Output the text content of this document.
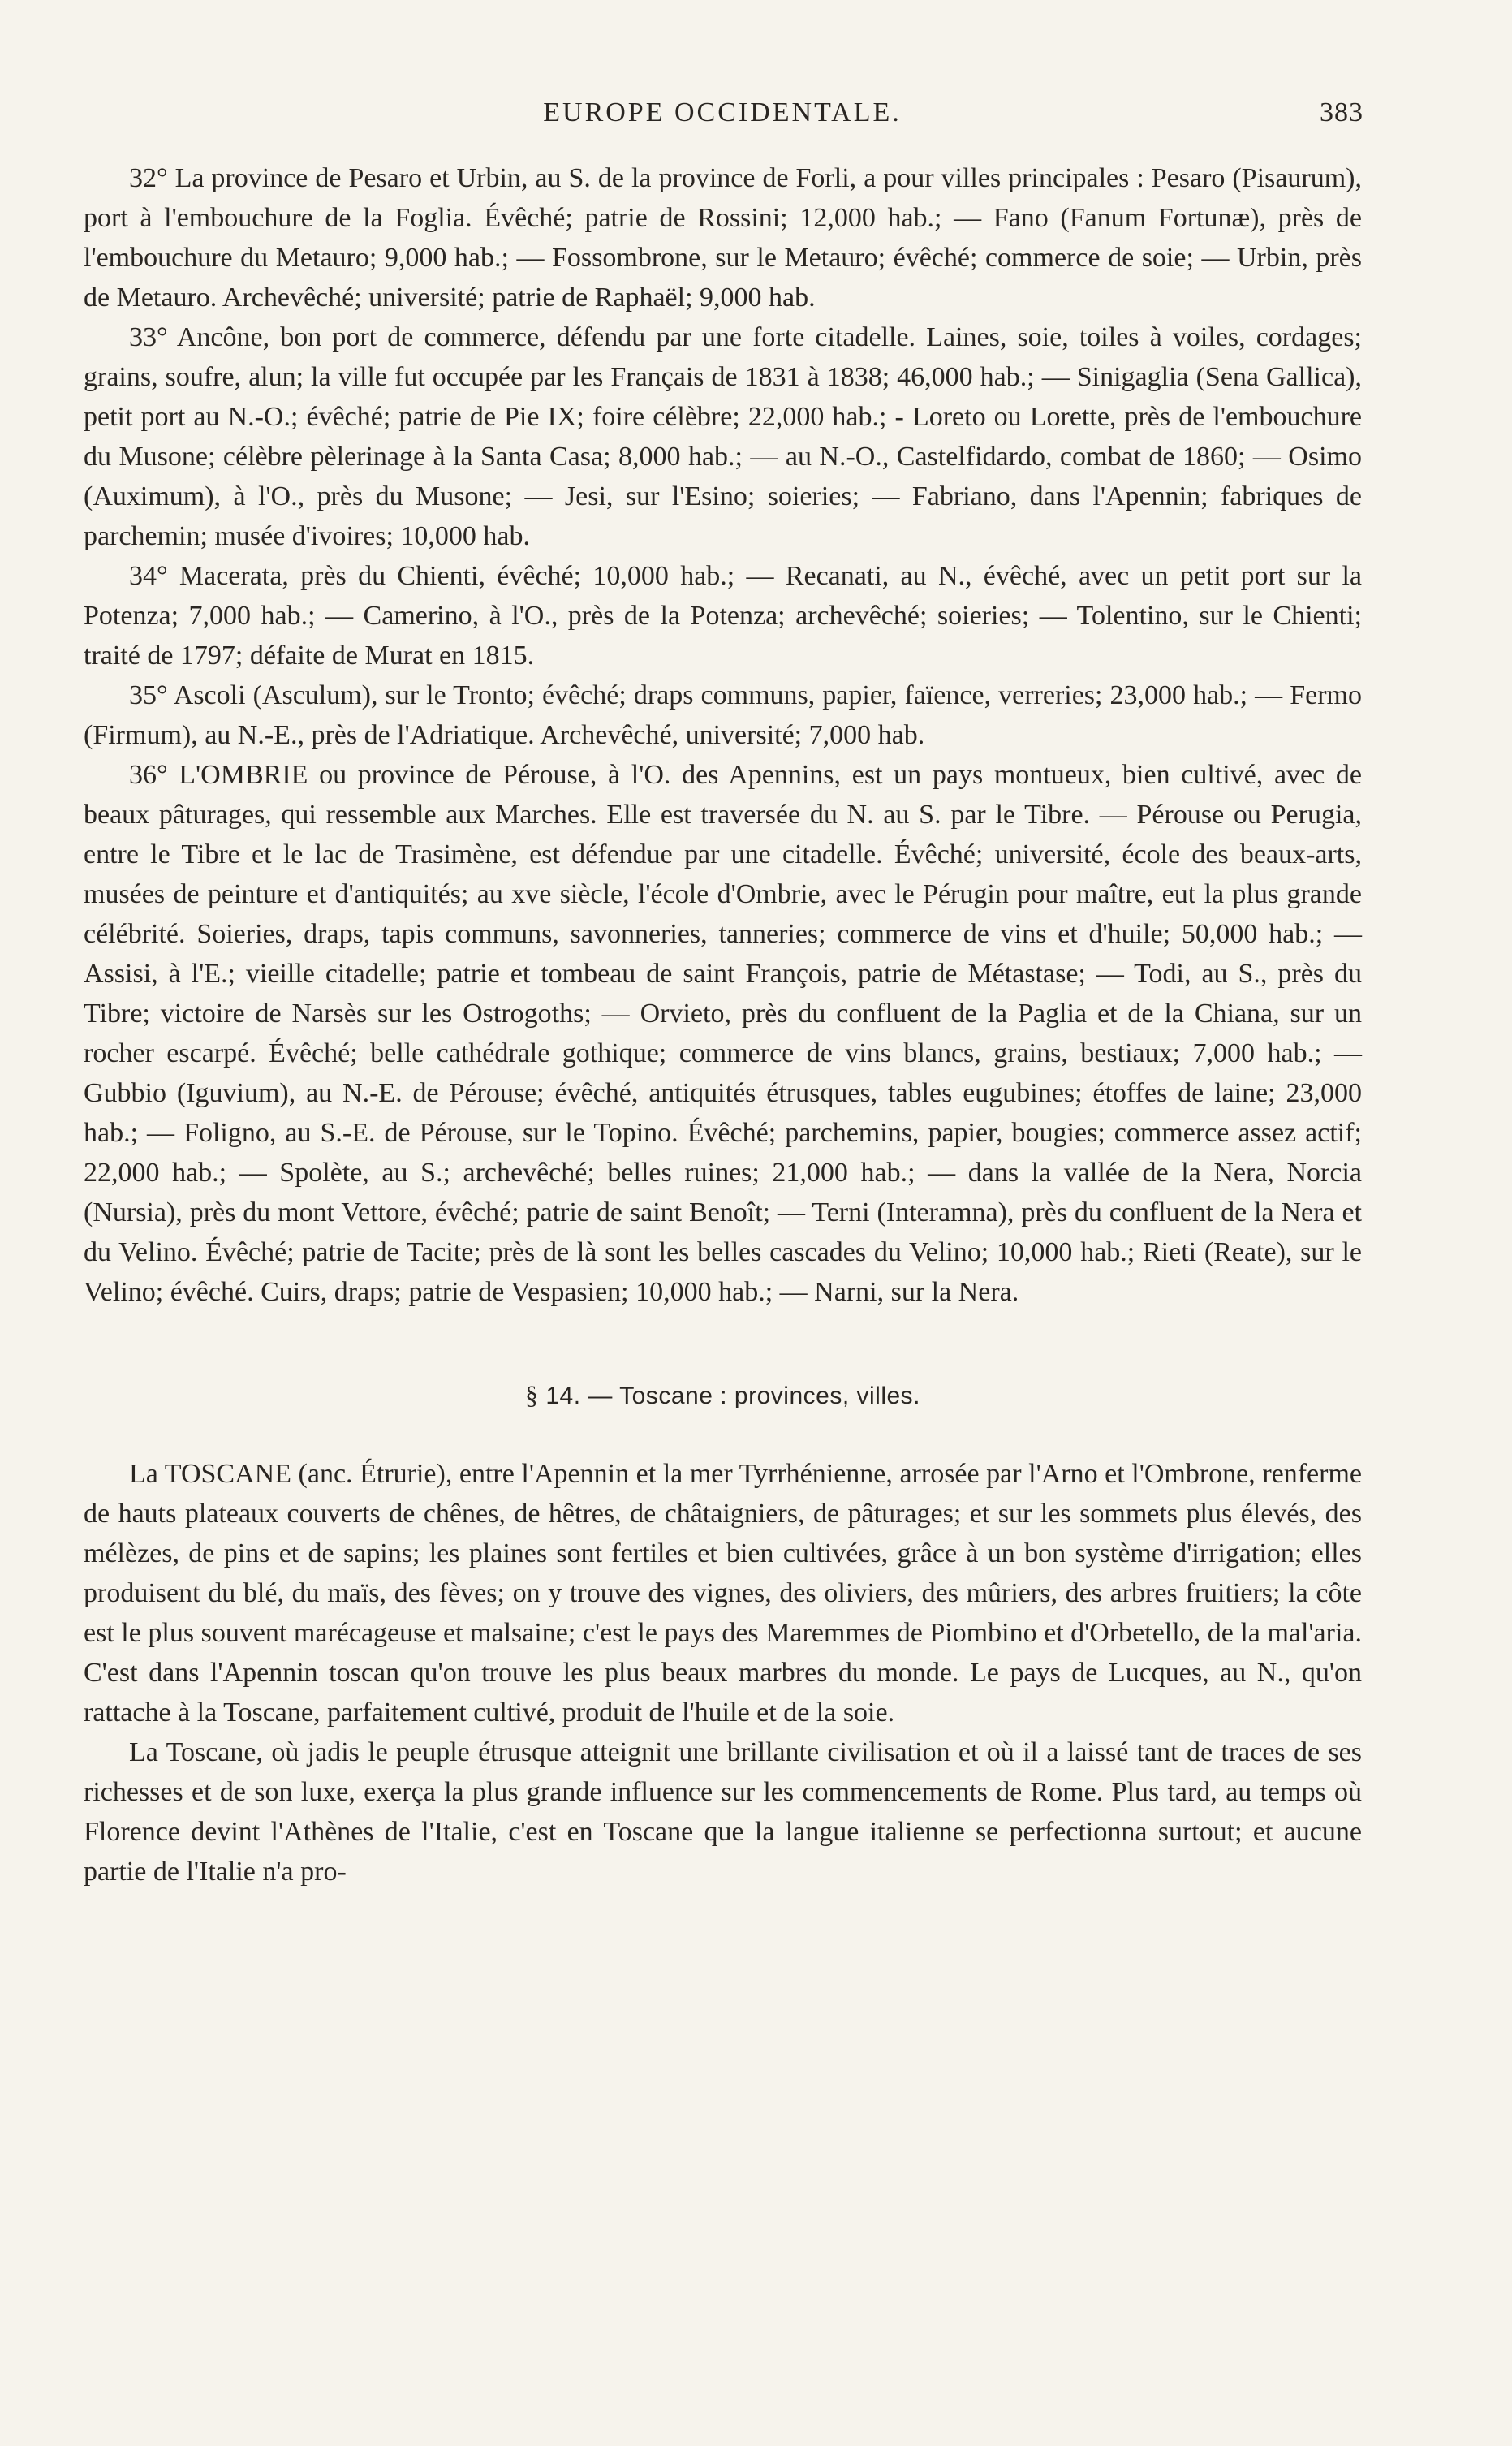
EUROPE OCCIDENTALE.	383

32° La province de Pesaro et Urbin, au S. de la province de Forli, a pour villes principales : Pesaro (Pisaurum), port à l'embouchure de la Foglia. Évêché; patrie de Rossini; 12,000 hab.; — Fano (Fanum Fortunæ), près de l'embouchure du Metauro; 9,000 hab.; — Fossombrone, sur le Metauro; évêché; commerce de soie; — Urbin, près de Metauro. Archevêché; université; patrie de Raphaël; 9,000 hab.

33° Ancône, bon port de commerce, défendu par une forte citadelle. Laines, soie, toiles à voiles, cordages; grains, soufre, alun; la ville fut occupée par les Français de 1831 à 1838; 46,000 hab.; — Sinigaglia (Sena Gallica), petit port au N.-O.; évêché; patrie de Pie IX; foire célèbre; 22,000 hab.; - Loreto ou Lorette, près de l'embouchure du Musone; célèbre pèlerinage à la Santa Casa; 8,000 hab.; — au N.-O., Castelfidardo, combat de 1860; — Osimo (Auximum), à l'O., près du Musone; — Jesi, sur l'Esino; soieries; — Fabriano, dans l'Apennin; fabriques de parchemin; musée d'ivoires; 10,000 hab.

34° Macerata, près du Chienti, évêché; 10,000 hab.; — Recanati, au N., évêché, avec un petit port sur la Potenza; 7,000 hab.; — Camerino, à l'O., près de la Potenza; archevêché; soieries; — Tolentino, sur le Chienti; traité de 1797; défaite de Murat en 1815.

35° Ascoli (Asculum), sur le Tronto; évêché; draps communs, papier, faïence, verreries; 23,000 hab.; — Fermo (Firmum), au N.-E., près de l'Adriatique. Archevêché, université; 7,000 hab.

36° L'OMBRIE ou province de Pérouse, à l'O. des Apennins, est un pays montueux, bien cultivé, avec de beaux pâturages, qui ressemble aux Marches. Elle est traversée du N. au S. par le Tibre. — Pérouse ou Perugia, entre le Tibre et le lac de Trasimène, est défendue par une citadelle. Évêché; université, école des beaux-arts, musées de peinture et d'antiquités; au xve siècle, l'école d'Ombrie, avec le Pérugin pour maître, eut la plus grande célébrité. Soieries, draps, tapis communs, savonneries, tanneries; commerce de vins et d'huile; 50,000 hab.; — Assisi, à l'E.; vieille citadelle; patrie et tombeau de saint François, patrie de Métastase; — Todi, au S., près du Tibre; victoire de Narsès sur les Ostrogoths; — Orvieto, près du confluent de la Paglia et de la Chiana, sur un rocher escarpé. Évêché; belle cathédrale gothique; commerce de vins blancs, grains, bestiaux; 7,000 hab.; — Gubbio (Iguvium), au N.-E. de Pérouse; évêché, antiquités étrusques, tables eugubines; étoffes de laine; 23,000 hab.; — Foligno, au S.-E. de Pérouse, sur le Topino. Évêché; parchemins, papier, bougies; commerce assez actif; 22,000 hab.; — Spolète, au S.; archevêché; belles ruines; 21,000 hab.; — dans la vallée de la Nera, Norcia (Nursia), près du mont Vettore, évêché; patrie de saint Benoît; — Terni (Interamna), près du confluent de la Nera et du Velino. Évêché; patrie de Tacite; près de là sont les belles cascades du Velino; 10,000 hab.; Rieti (Reate), sur le Velino; évêché. Cuirs, draps; patrie de Vespasien; 10,000 hab.; — Narni, sur la Nera.

§ 14. — Toscane : provinces, villes.

La TOSCANE (anc. Étrurie), entre l'Apennin et la mer Tyrrhénienne, arrosée par l'Arno et l'Ombrone, renferme de hauts plateaux couverts de chênes, de hêtres, de châtaigniers, de pâturages; et sur les sommets plus élevés, des mélèzes, de pins et de sapins; les plaines sont fertiles et bien cultivées, grâce à un bon système d'irrigation; elles produisent du blé, du maïs, des fèves; on y trouve des vignes, des oliviers, des mûriers, des arbres fruitiers; la côte est le plus souvent marécageuse et malsaine; c'est le pays des Maremmes de Piombino et d'Orbetello, de la mal'aria. C'est dans l'Apennin toscan qu'on trouve les plus beaux marbres du monde. Le pays de Lucques, au N., qu'on rattache à la Toscane, parfaitement cultivé, produit de l'huile et de la soie.

La Toscane, où jadis le peuple étrusque atteignit une brillante civilisation et où il a laissé tant de traces de ses richesses et de son luxe, exerça la plus grande influence sur les commencements de Rome. Plus tard, au temps où Florence devint l'Athènes de l'Italie, c'est en Toscane que la langue italienne se perfectionna surtout; et aucune partie de l'Italie n'a pro-
